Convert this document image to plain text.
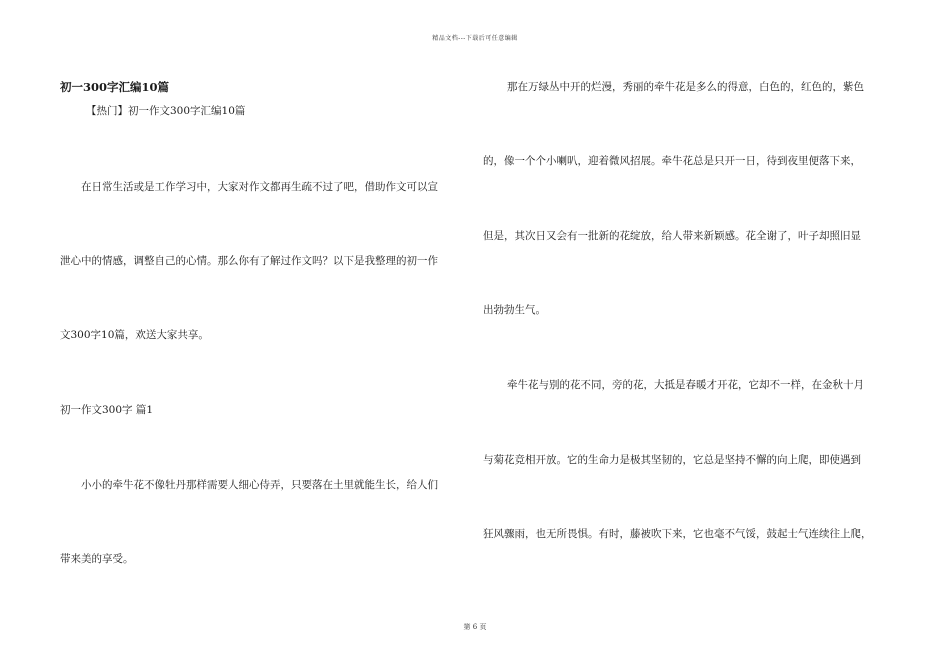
精品文档---下载后可任意编辑
初一300字汇编10篇
【热门】初一作文300字汇编10篇
在日常生活或是工作学习中，大家对作文都再生疏不过了吧，借助作文可以宣
泄心中的情感，调整自己的心情。那么你有了解过作文吗？以下是我整理的初一作
文300字10篇，欢送大家共享。
初一作文300字 篇1
小小的牵牛花不像牡丹那样需要人细心侍弄，只要落在土里就能生长，给人们
带来美的享受。
那在万绿丛中开的烂漫，秀丽的牵牛花是多么的得意，白色的，红色的，紫色
的，像一个个小喇叭，迎着微风招展。牵牛花总是只开一日，待到夜里便落下来，
但是，其次日又会有一批新的花绽放，给人带来新颖感。花全谢了，叶子却照旧显
出勃勃生气。
牵牛花与别的花不同，旁的花，大抵是春暖才开花，它却不一样，在金秋十月
与菊花竞相开放。它的生命力是极其坚韧的，它总是坚持不懈的向上爬，即使遇到
狂风骤雨，也无所畏惧。有时，藤被吹下来，它也毫不气馁，鼓起士气连续往上爬，
第 6 页
